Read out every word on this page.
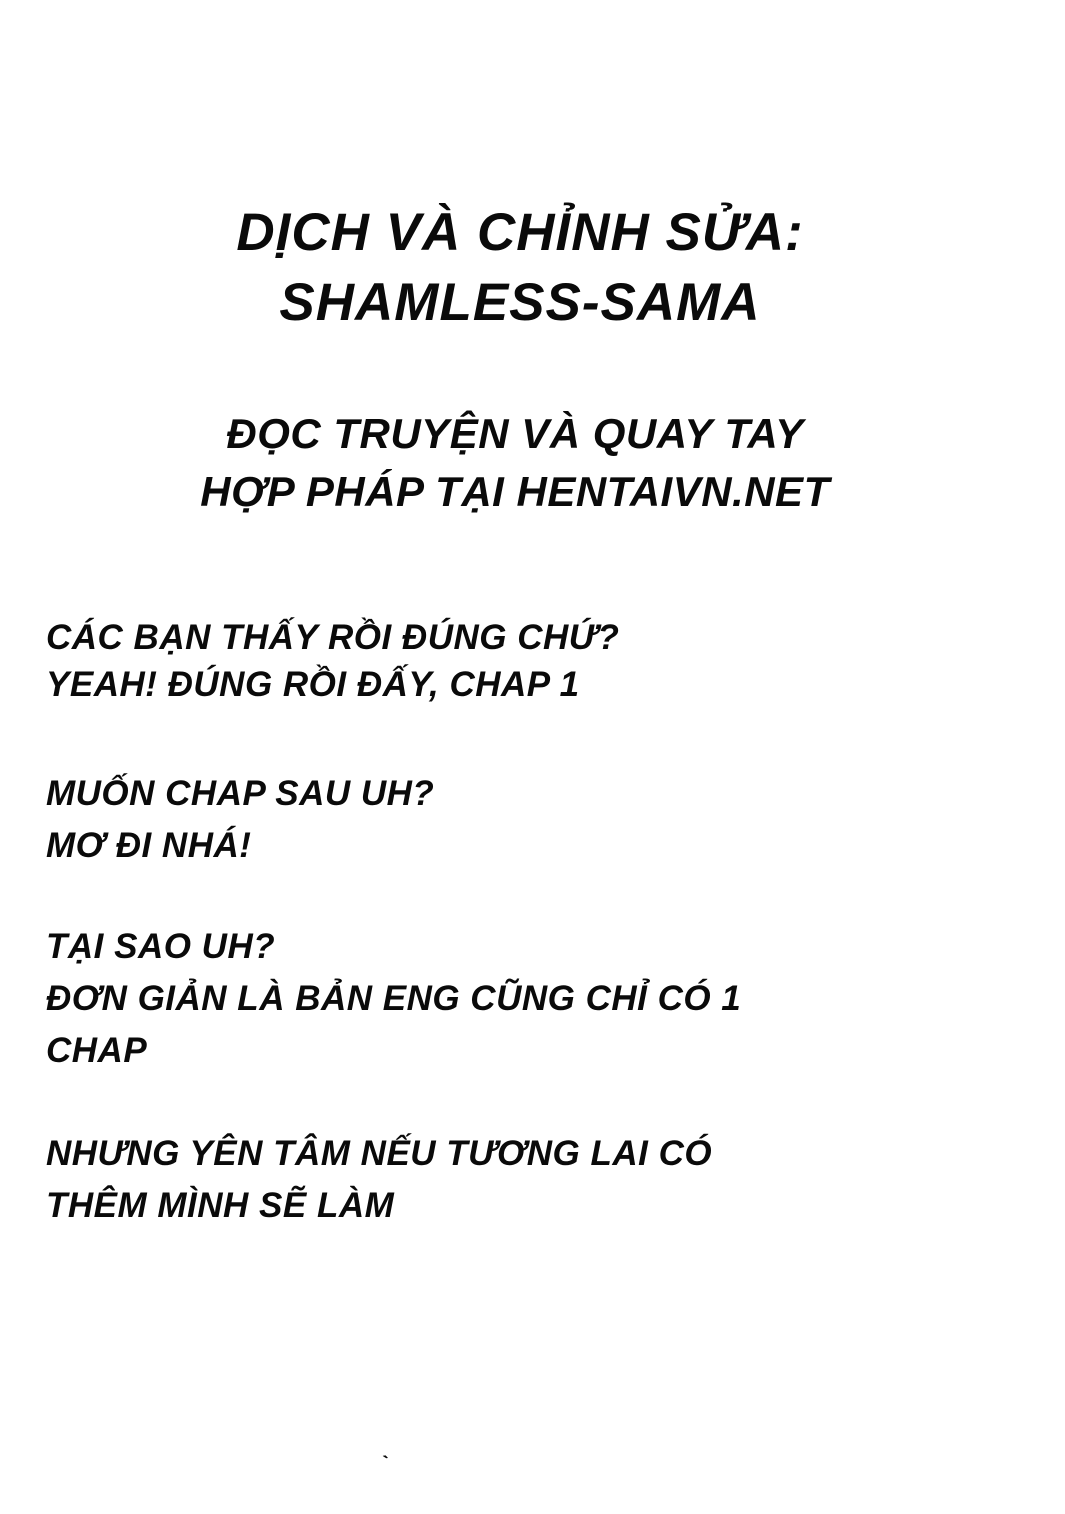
DỊCH VÀ CHỈNH SỬA:
SHAMLESS-SAMA
ĐỌC TRUYỆN VÀ QUAY TAY
HỢP PHÁP TẠI HENTAIVN.NET
CÁC BẠN THẤY RỒI ĐÚNG CHỨ?
YEAH! ĐÚNG RỒI ĐẤY, CHAP 1
MUỐN CHAP SAU UH?
MƠ ĐI NHÁ!
TẠI SAO UH?
ĐƠN GIẢN LÀ BẢN ENG CŨNG CHỈ CÓ 1
CHAP
NHƯNG YÊN TÂM NẾU TƯƠNG LAI CÓ
THÊM MÌNH SẼ LÀM
ˎ
